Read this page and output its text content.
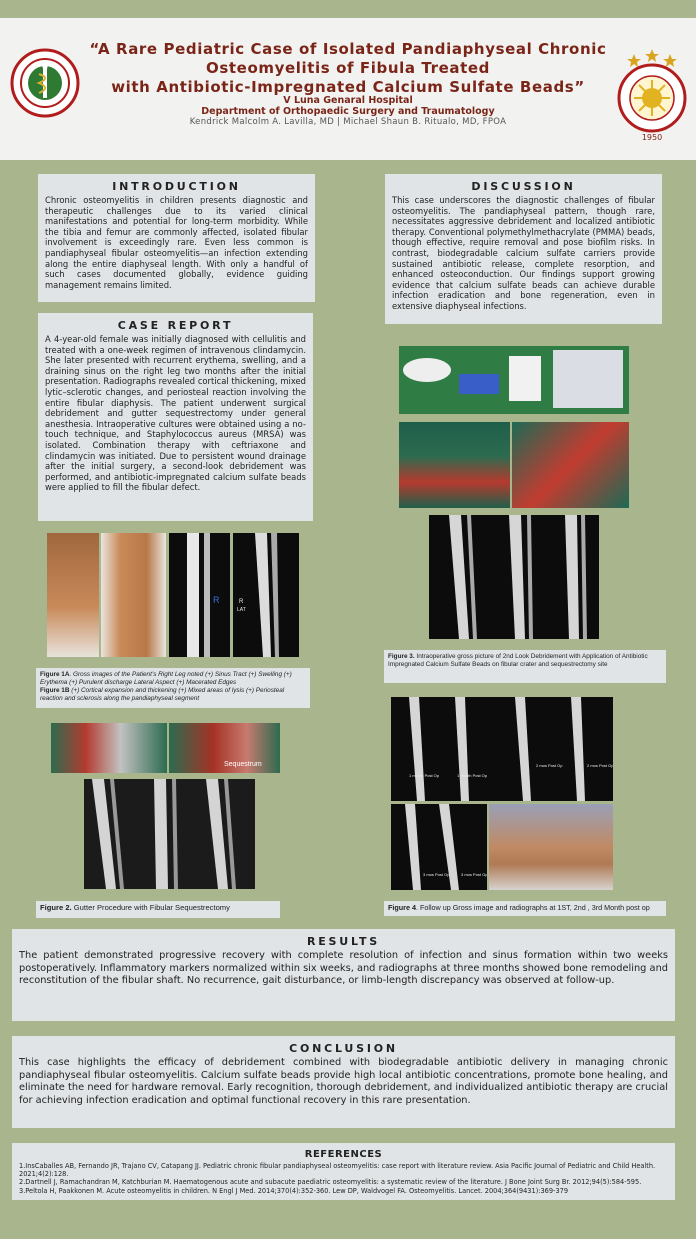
“A Rare Pediatric Case of Isolated Pandiaphyseal Chronic
Osteomyelitis of Fibula Treated
with Antibiotic-Impregnated Calcium Sulfate Beads”
V Luna Genaral Hospital
Department of Orthopaedic Surgery and Traumatology
Kendrick Malcolm A. Lavilla, MD | Michael Shaun B. Ritualo, MD, FPOA
1950
INTRODUCTION

Chronic osteomyelitis in children presents diagnostic and therapeutic challenges due to its varied clinical manifestations and potential for long-term morbidity. While the tibia and femur are commonly affected, isolated fibular involvement is exceedingly rare. Even less common is pandiaphyseal fibular osteomyelitis—an infection extending along the entire diaphyseal length. With only a handful of such cases documented globally, evidence guiding management remains limited.

CASE REPORT

A 4-year-old female was initially diagnosed with cellulitis and treated with a one-week regimen of intravenous clindamycin. She later presented with recurrent erythema, swelling, and a draining sinus on the right leg two months after the initial presentation. Radiographs revealed cortical thickening, mixed lytic–sclerotic changes, and periosteal reaction involving the entire fibular diaphysis. The patient underwent surgical debridement and gutter sequestrectomy under general anesthesia. Intraoperative cultures were obtained using a no-touch technique, and Staphylococcus aureus (MRSA) was isolated. Combination therapy with ceftriaxone and clindamycin was initiated. Due to persistent wound drainage after the initial surgery, a second-look debridement was performed, and antibiotic-impregnated calcium sulfate beads were applied to fill the fibular defect.

DISCUSSION

This case underscores the diagnostic challenges of fibular osteomyelitis. The pandiaphyseal pattern, though rare, necessitates aggressive debridement and localized antibiotic therapy. Conventional polymethylmethacrylate (PMMA) beads, though effective, require removal and pose biofilm risks. In contrast, biodegradable calcium sulfate carriers provide sustained antibiotic release, complete resorption, and enhanced osteoconduction. Our findings support growing evidence that calcium sulfate beads can achieve durable infection eradication and bone regeneration, even in extensive diaphyseal infections.

R	R
LAT
Figure 1A. Gross images of the Patient’s Right Leg noted (+) Sinus Tract (+) Swelling (+) Erythema (+) Purulent discharge Lateral Aspect (+) Macerated Edges
Figure 1B (+) Cortical expansion and thickening (+) Mixed areas of lysis (+) Periosteal reaction and sclerosis along the pandiaphyseal segment
Sequestrum
Figure 2. Gutter Procedure with Fibular Sequestrectomy
Figure 3. Intraoperative gross picture of 2nd Look Debridement with Application of Antibiotic Impregnated Calcium Sulfate Beads on fibular crater and sequestrectomy site
1 month Post Op	1 month Post Op
2 mos Post Op	2 mos Post Op
3 mos Post Op	3 mos Post Op
Figure 4. Follow up Gross image and radiographs at 1ST, 2nd , 3rd Month post op
RESULTS

The patient demonstrated progressive recovery with complete resolution of infection and sinus formation within two weeks postoperatively. Inflammatory markers normalized within six weeks, and radiographs at three months showed bone remodeling and reconstitution of the fibular shaft. No recurrence, gait disturbance, or limb-length discrepancy was observed at follow-up.

CONCLUSION

This case highlights the efficacy of debridement combined with biodegradable antibiotic delivery in managing chronic pandiaphyseal fibular osteomyelitis. Calcium sulfate beads provide high local antibiotic concentrations, promote bone healing, and eliminate the need for hardware removal. Early recognition, thorough debridement, and individualized antibiotic therapy are crucial for achieving infection eradication and optimal functional recovery in this rare presentation.

REFERENCES

1.InsCaballes AB, Fernando JR, Trajano CV, Catapang JJ. Pediatric chronic fibular pandiaphyseal osteomyelitis: case report with literature review. Asia Pacific Journal of Pediatric and Child Health. 2021;4(2):128.

2.Dartnell J, Ramachandran M, Katchburian M. Haematogenous acute and subacute paediatric osteomyelitis: a systematic review of the literature. J Bone Joint Surg Br. 2012;94(5):584-595.

3.Peltola H, Paakkonen M. Acute osteomyelitis in children. N Engl J Med. 2014;370(4):352-360. Lew DP, Waldvogel FA. Osteomyelitis. Lancet. 2004;364(9431):369-379
